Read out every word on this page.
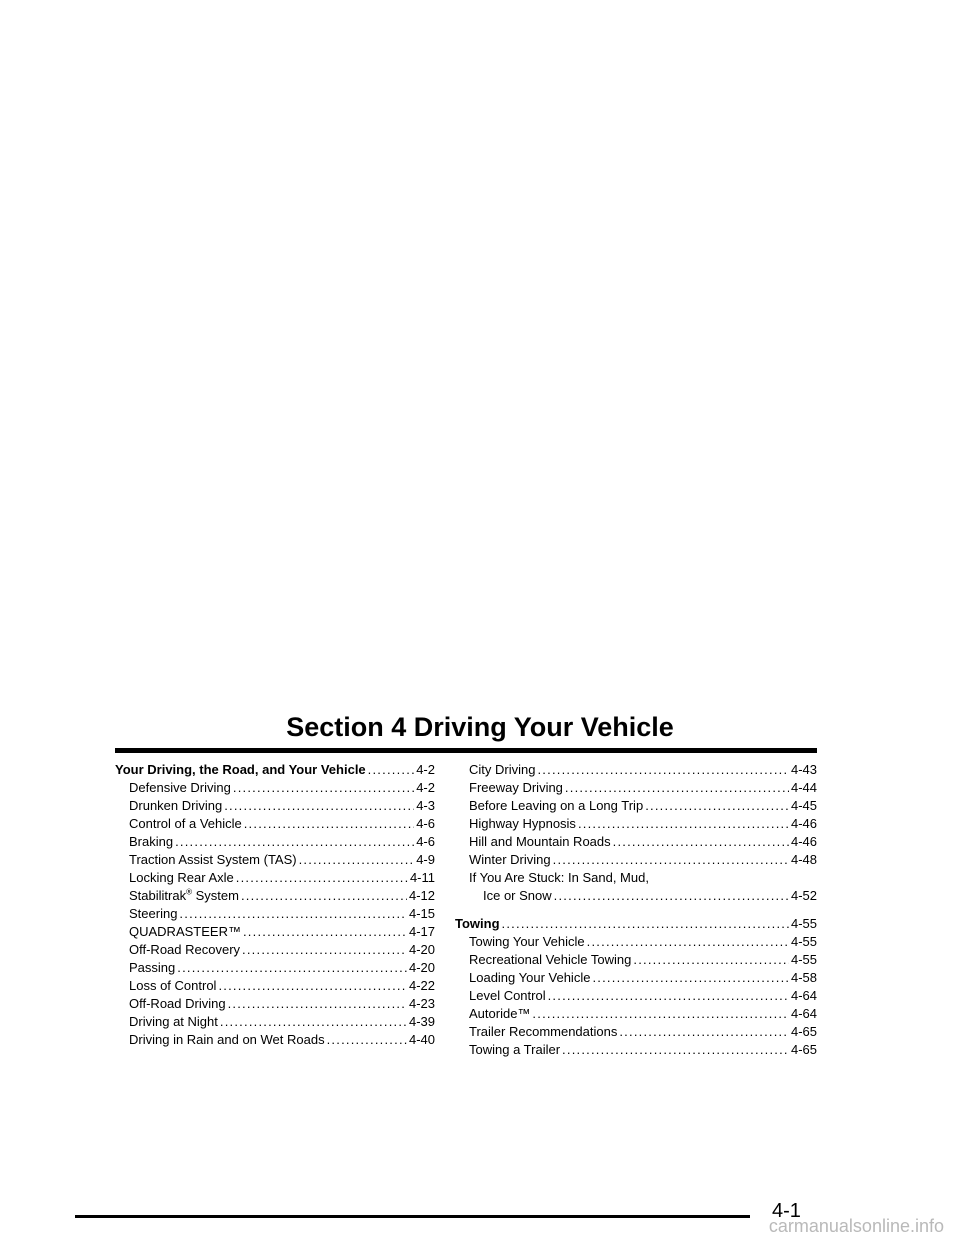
Section 4 Driving Your Vehicle
Your Driving, the Road, and Your Vehicle . . .	4-2
Defensive Driving . . .	4-2
Drunken Driving . . .	4-3
Control of a Vehicle . . .	4-6
Braking . . .	4-6
Traction Assist System (TAS) . . .	4-9
Locking Rear Axle . . .	4-11
Stabilitrak® System . . .	4-12
Steering . . .	4-15
QUADRASTEER™ . . .	4-17
Off-Road Recovery . . .	4-20
Passing . . .	4-20
Loss of Control . . .	4-22
Off-Road Driving . . .	4-23
Driving at Night . . .	4-39
Driving in Rain and on Wet Roads . . .	4-40
City Driving . . .	4-43
Freeway Driving . . .	4-44
Before Leaving on a Long Trip . . .	4-45
Highway Hypnosis . . .	4-46
Hill and Mountain Roads . . .	4-46
Winter Driving . . .	4-48
If You Are Stuck: In Sand, Mud,
Ice or Snow . . .	4-52
Towing . . .	4-55
Towing Your Vehicle . . .	4-55
Recreational Vehicle Towing . . .	4-55
Loading Your Vehicle . . .	4-58
Level Control . . .	4-64
Autoride™ . . .	4-64
Trailer Recommendations . . .	4-65
Towing a Trailer . . .	4-65
4-1
carmanualsonline.info
